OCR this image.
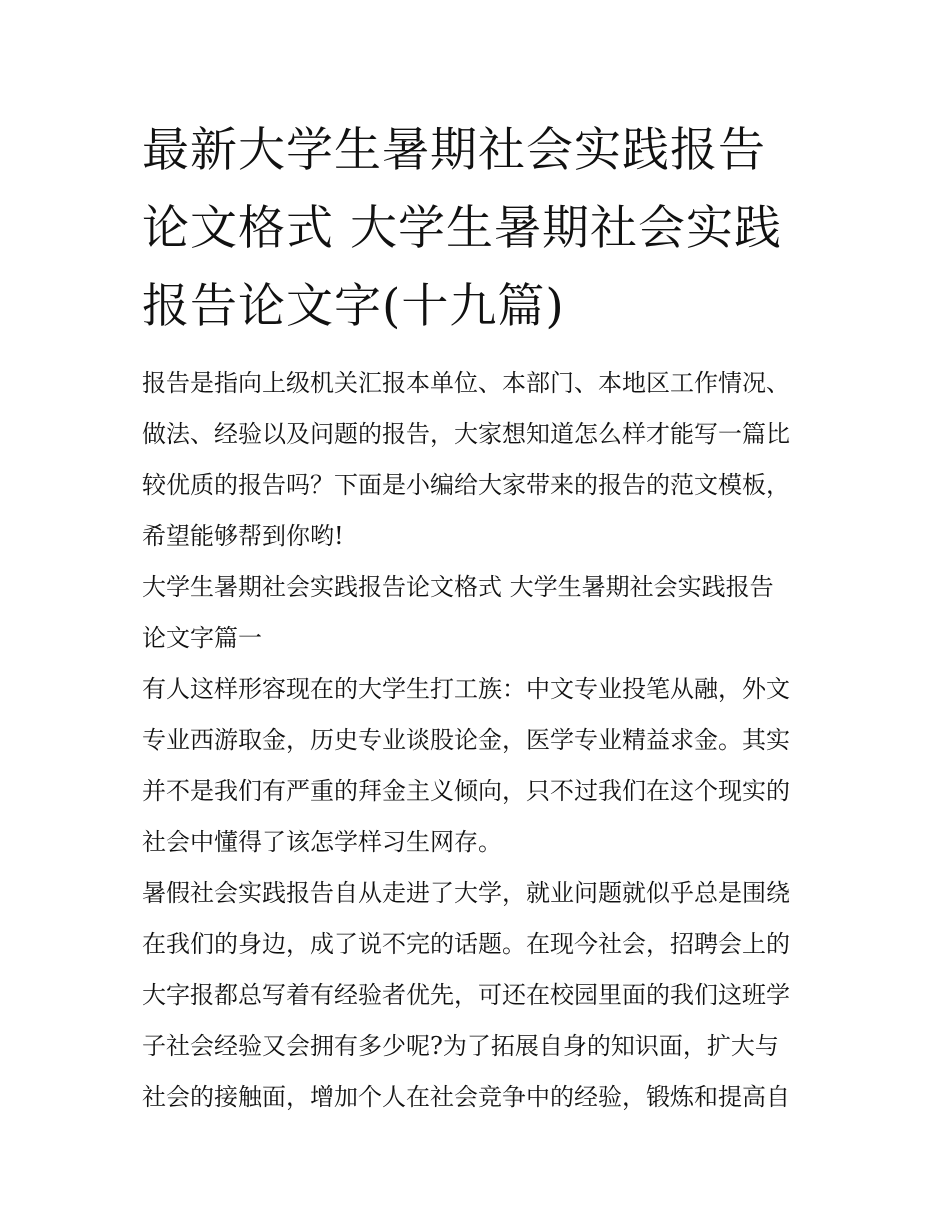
最新大学生暑期社会实践报告
论文格式 大学生暑期社会实践
报告论文字(十九篇)

报告是指向上级机关汇报本单位、本部门、本地区工作情况、
做法、经验以及问题的报告，大家想知道怎么样才能写一篇比
较优质的报告吗？下面是小编给大家带来的报告的范文模板，
希望能够帮到你哟!

大学生暑期社会实践报告论文格式 大学生暑期社会实践报告
论文字篇一

有人这样形容现在的大学生打工族：中文专业投笔从融，外文
专业西游取金，历史专业谈股论金，医学专业精益求金。其实
并不是我们有严重的拜金主义倾向，只不过我们在这个现实的
社会中懂得了该怎学样习生网存。

暑假社会实践报告自从走进了大学，就业问题就似乎总是围绕
在我们的身边，成了说不完的话题。在现今社会，招聘会上的
大字报都总写着有经验者优先，可还在校园里面的我们这班学
子社会经验又会拥有多少呢?为了拓展自身的知识面，扩大与
社会的接触面，增加个人在社会竞争中的经验，锻炼和提高自
